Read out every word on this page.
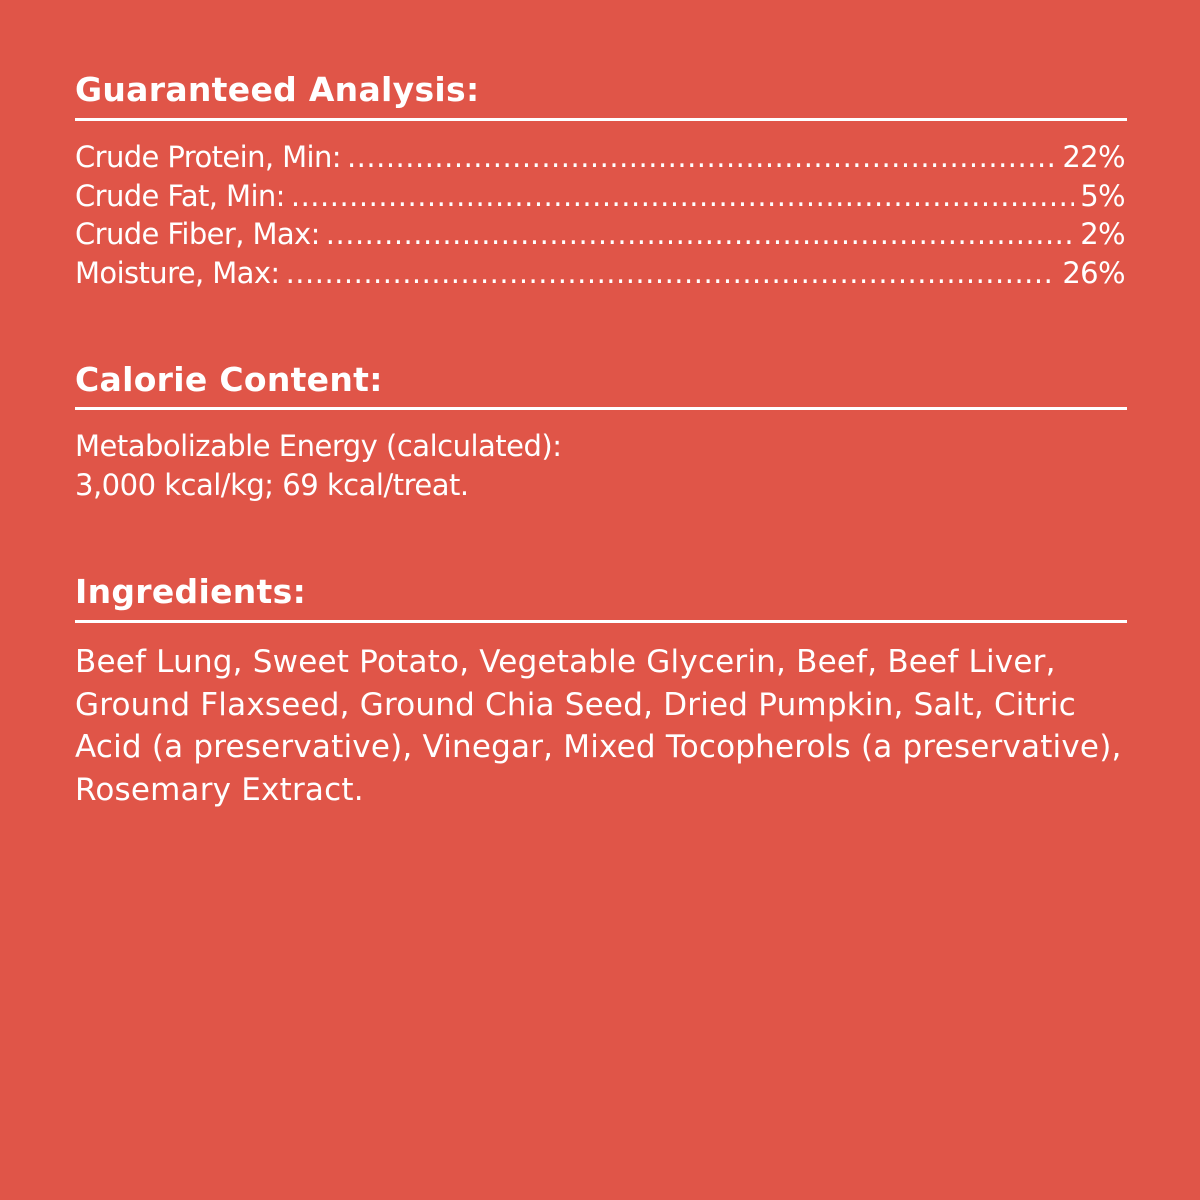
Guaranteed Analysis:
Crude Protein, Min: .....	22%
Crude Fat, Min: .....	5%
Crude Fiber, Max: .....	2%
Moisture, Max: .....	26%
Calorie Content:

Metabolizable Energy (calculated):

3,000 kcal/kg; 69 kcal/treat.

Ingredients:

Beef Lung, Sweet Potato, Vegetable Glycerin, Beef, Beef Liver, Ground Flaxseed, Ground Chia Seed, Dried Pumpkin, Salt, Citric Acid (a preservative), Vinegar, Mixed Tocopherols (a preservative), Rosemary Extract.
